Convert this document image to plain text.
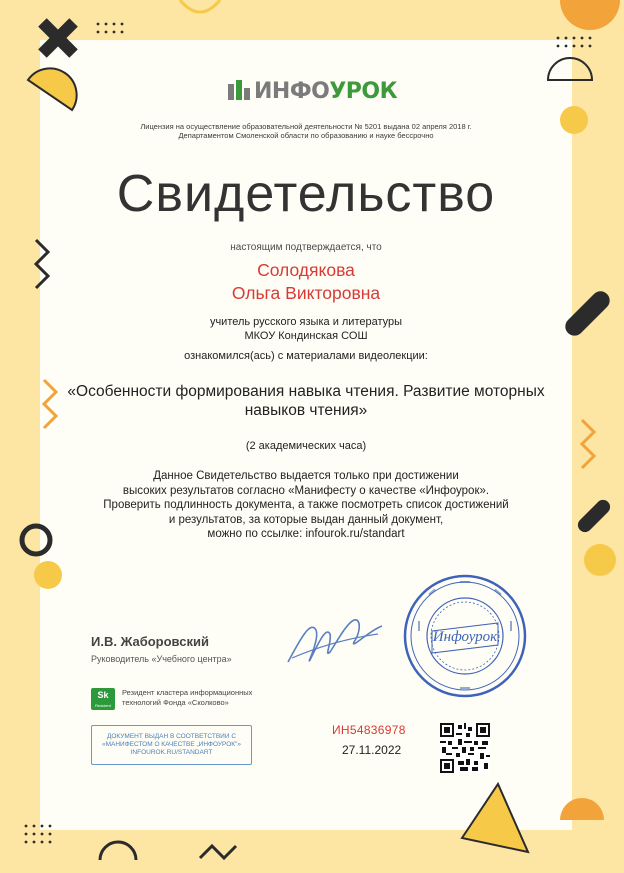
ИНФОУРОК
Лицензия на осуществление образовательной деятельности № 5201 выдана 02 апреля 2018 г.
Департаментом Смоленской области по образованию и науке бессрочно
Свидетельство
настоящим подтверждается, что
Солодякова
Ольга Викторовна
учитель русского языка и литературы
МКОУ Кондинская СОШ
ознакомился(ась) с материалами видеолекции:
«Особенности формирования навыка чтения. Развитие моторных навыков чтения»
(2 академических часа)
Данное Свидетельство выдается только при достижении
высоких результатов согласно «Манифесту о качестве «Инфоурок».
Проверить подлинность документа, а также посмотреть список достижений
и результатов, за которые выдан данный документ,
можно по ссылке: infourok.ru/standart
И.В. Жаборовский
Руководитель «Учебного центра»
Инфоурок
Sk
Resident
Резидент кластера информационных технологий Фонда «Сколково»
ДОКУМЕНТ ВЫДАН В СООТВЕТСТВИИ С «МАНИФЕСТОМ О КАЧЕСТВЕ „ИНФОУРОК"» INFOUROK.RU/STANDART
ИН54836978
27.11.2022
